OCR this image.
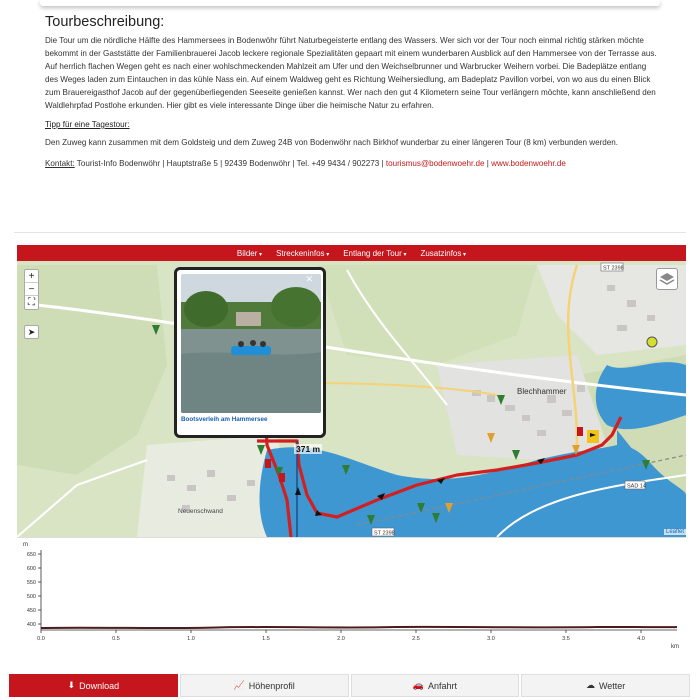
Tourbeschreibung:

Die Tour um die nördliche Hälfte des Hammersees in Bodenwöhr führt Naturbegeisterte entlang des Wassers. Wer sich vor der Tour noch einmal richtig stärken möchte bekommt in der Gaststätte der Familienbrauerei Jacob leckere regionale Spezialitäten gepaart mit einem wunderbaren Ausblick auf den Hammersee von der Terrasse aus. Auf herrlich flachen Wegen geht es nach einer wohlschmeckenden Mahlzeit am Ufer und den Weichselbrunner und Warbrucker Weihern vorbei. Die Badeplätze entlang des Weges laden zum Eintauchen in das kühle Nass ein. Auf einem Waldweg geht es Richtung Weihersiedlung, am Badeplatz Pavillon vorbei, von wo aus du einen Blick zum Brauereigasthof Jacob auf der gegenüberliegenden Seeseite genießen kannst. Wer nach den gut 4 Kilometern seine Tour verlängern möchte, kann anschließend den Waldlehrpfad Postlohe erkunden. Hier gibt es viele interessante Dinge über die heimische Natur zu erfahren.

Tipp für eine Tagestour:

Den Zuweg kann zusammen mit dem Goldsteig und dem Zuweg 24B von Bodenwöhr nach Birkhof wunderbar zu einer längeren Tour (8 km) verbunden werden.

Kontakt: Tourist-Info Bodenwöhr | Hauptstraße 5 | 92439 Bodenwöhr | Tel. +49 9434 / 902273 | tourismus@bodenwoehr.de | www.bodenwoehr.de

ST 2398
ST 2398
SAD 14
Bilder ▾	Streckeninfos ▾	Entlang der Tour ▾	Zusatzinfos ▾
+
−
⛶
➤
✕
Bootsverleih am Hammersee
371 m
Blechhammer
Neuenschwand
Leaflet
m
km
650
600
550
500
450
400
0.0	0.5	1.0	1.5	2.0	2.5	3.0	3.5	4.0
⬇ Download	📈 Höhenprofil	🚗 Anfahrt	☁ Wetter
